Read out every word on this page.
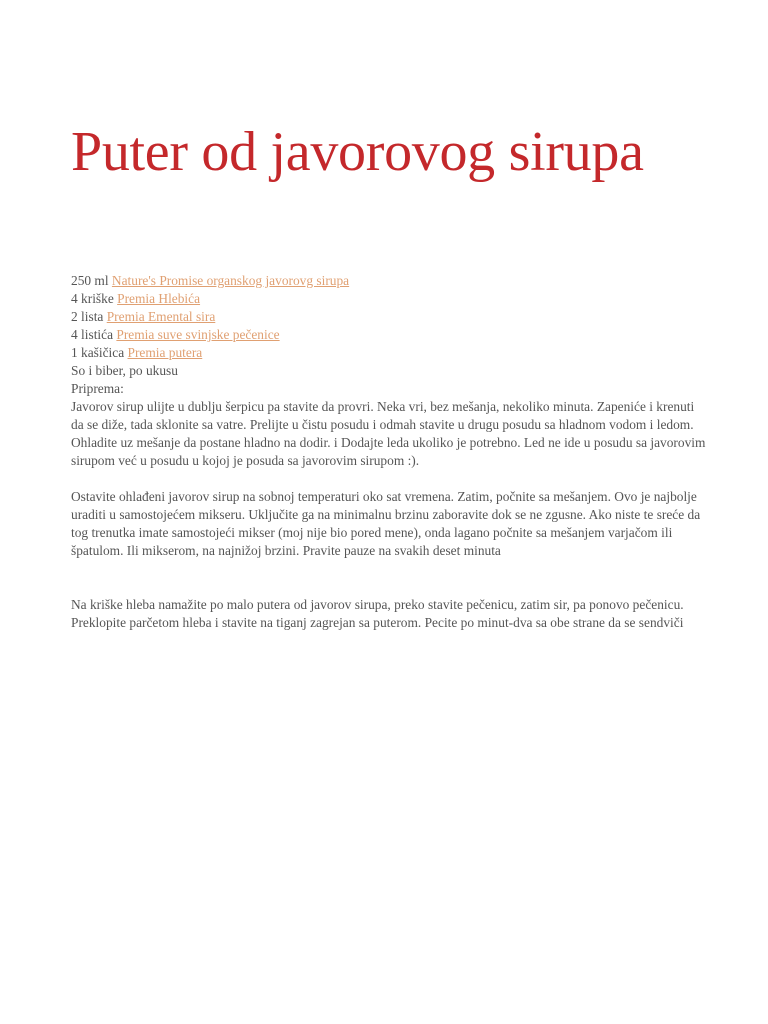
Puter od javorovog sirupa
250 ml Nature's Promise organskog javorovg sirupa
4 kriške Premia Hlebića
2 lista Premia Emental sira
4 listića Premia suve svinjske pečenice
1 kašičica Premia putera
So i biber, po ukusu
Priprema:
Javorov sirup ulijte u dublju šerpicu pa stavite da provri. Neka vri, bez mešanja, nekoliko minuta. Zapeniće i krenuti
da se diže, tada sklonite sa vatre. Prelijte u čistu posudu i odmah stavite u drugu posudu sa hladnom vodom i ledom.
Ohladite uz mešanje da postane hladno na dodir. i Dodajte leda ukoliko je potrebno. Led ne ide u posudu sa javorovim
sirupom već u posudu u kojoj je posuda sa javorovim sirupom :).
Ostavite ohlađeni javorov sirup na sobnoj temperaturi oko sat vremena. Zatim, počnite sa mešanjem. Ovo je najbolje
uraditi u samostojećem mikseru. Uključite ga na minimalnu brzinu zaboravite dok se ne zgusne. Ako niste te sreće da
tog trenutka imate samostojeći mikser (moj nije bio pored mene), onda lagano počnite sa mešanjem varjačom ili
špatulom. Ili mikserom, na najnižoj brzini. Pravite pauze na svakih deset minuta
Na kriške hleba namažite po malo putera od javorov sirupa, preko stavite pečenicu, zatim sir, pa ponovo pečenicu.
Preklopite parčetom hleba i stavite na tiganj zagrejan sa puterom. Pecite po minut-dva sa obe strane da se sendviči
